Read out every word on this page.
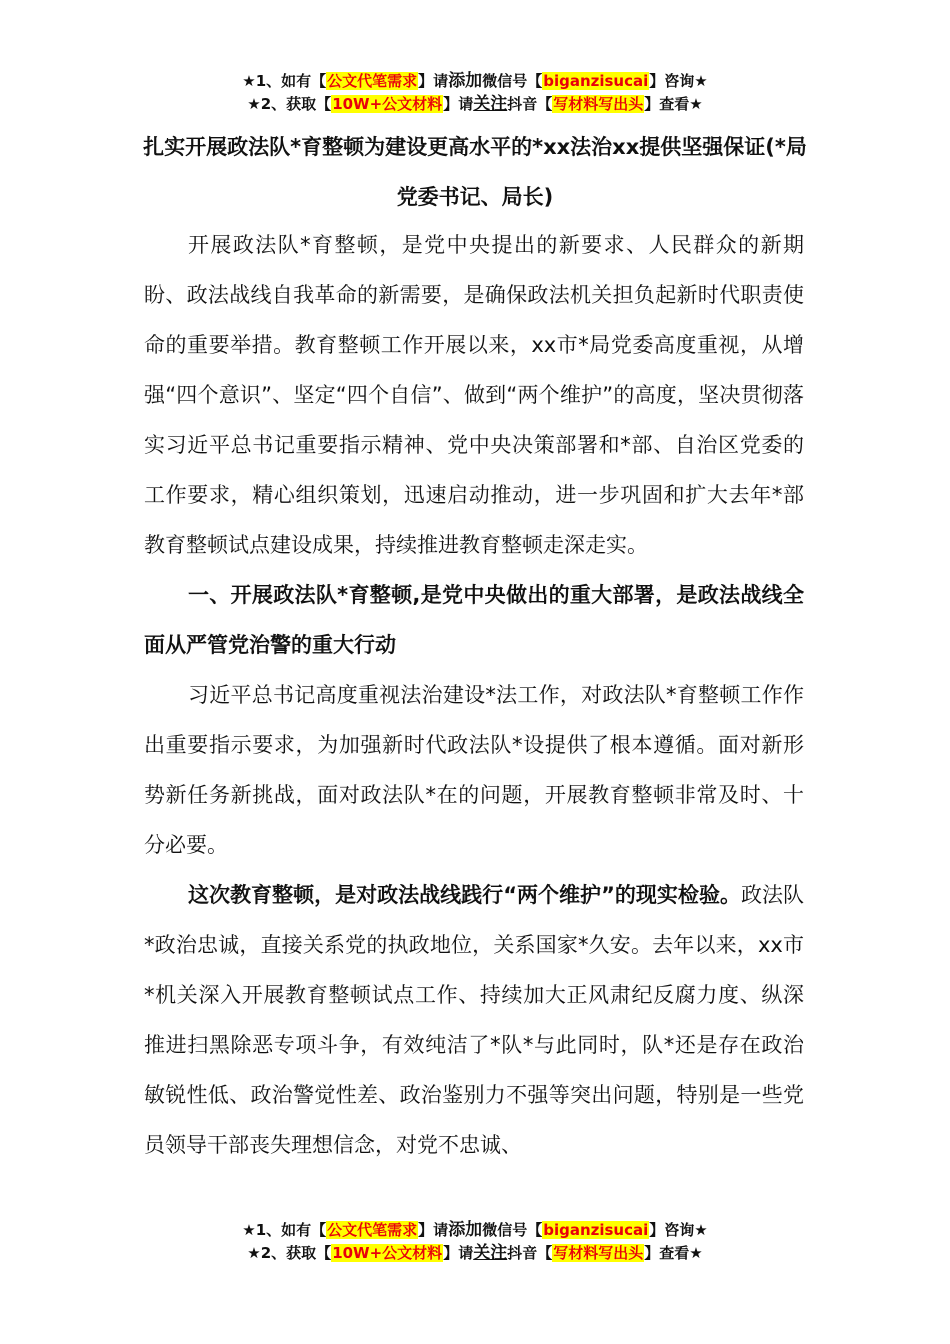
★1、如有【公文代笔需求】请添加微信号【biganzisucai】咨询★
★2、获取【10W+公文材料】请关注抖音【写材料写出头】查看★
扎实开展政法队*育整顿为建设更高水平的*xx法治xx提供坚强保证(*局党委书记、局长)

开展政法队*育整顿，是党中央提出的新要求、人民群众的新期盼、政法战线自我革命的新需要，是确保政法机关担负起新时代职责使命的重要举措。教育整顿工作开展以来，xx市*局党委高度重视，从增强“四个意识”、坚定“四个自信”、做到“两个维护”的高度，坚决贯彻落实习近平总书记重要指示精神、党中央决策部署和*部、自治区党委的工作要求，精心组织策划，迅速启动推动，进一步巩固和扩大去年*部教育整顿试点建设成果，持续推进教育整顿走深走实。

一、开展政法队*育整顿,是党中央做出的重大部署，是政法战线全面从严管党治警的重大行动

习近平总书记高度重视法治建设*法工作，对政法队*育整顿工作作出重要指示要求，为加强新时代政法队*设提供了根本遵循。面对新形势新任务新挑战，面对政法队*在的问题，开展教育整顿非常及时、十分必要。

这次教育整顿，是对政法战线践行“两个维护”的现实检验。政法队*政治忠诚，直接关系党的执政地位，关系国家*久安。去年以来，xx市*机关深入开展教育整顿试点工作、持续加大正风肃纪反腐力度、纵深推进扫黑除恶专项斗争，有效纯洁了*队*与此同时，队*还是存在政治敏锐性低、政治警觉性差、政治鉴别力不强等突出问题，特别是一些党员领导干部丧失理想信念，对党不忠诚、

★1、如有【公文代笔需求】请添加微信号【biganzisucai】咨询★
★2、获取【10W+公文材料】请关注抖音【写材料写出头】查看★
